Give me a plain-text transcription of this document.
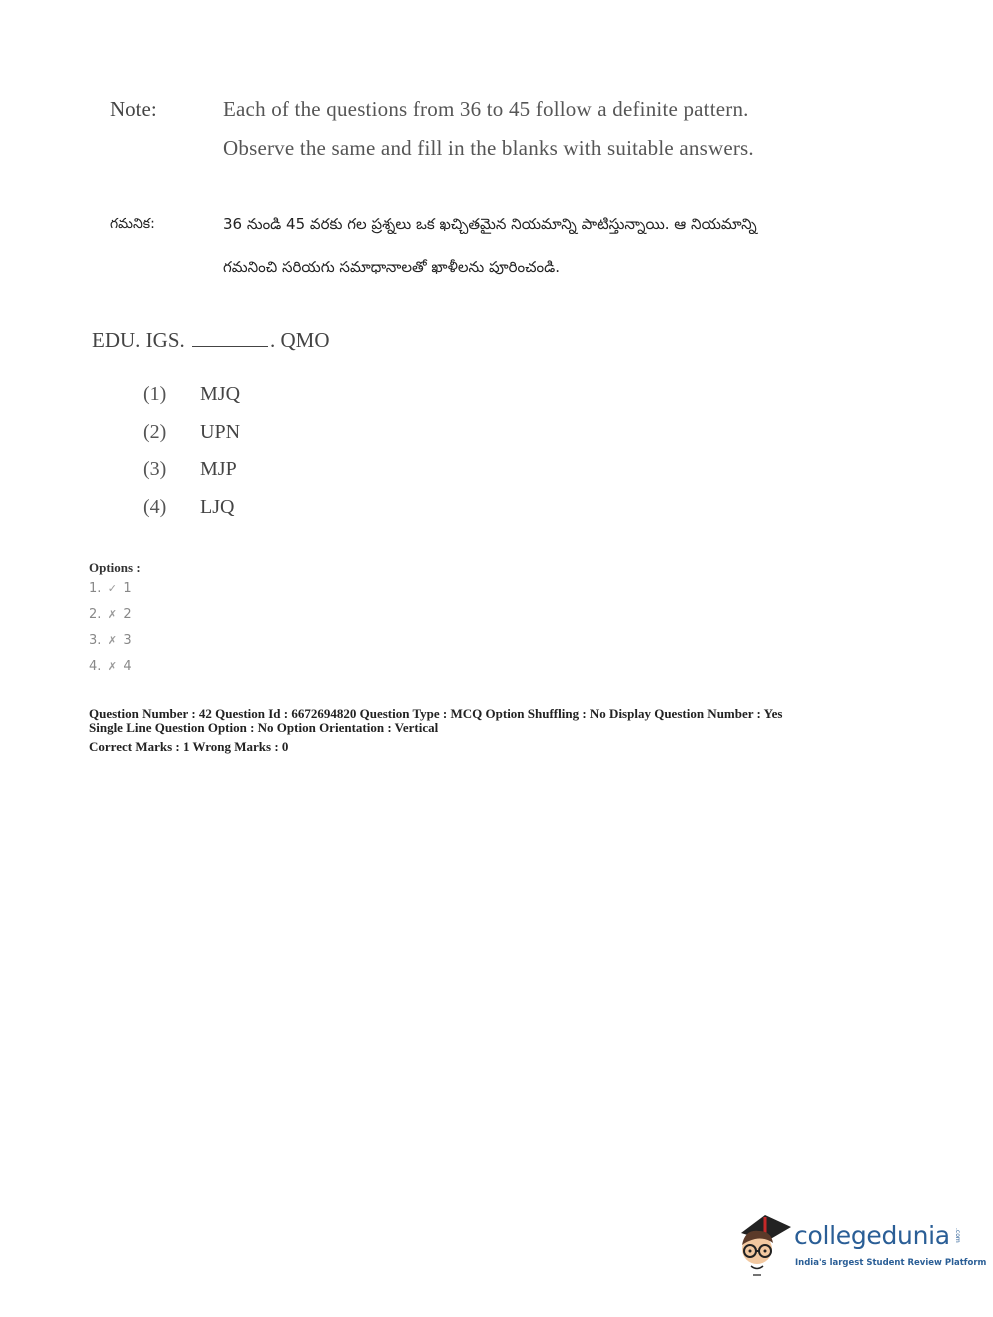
Note:	Each of the questions from 36 to 45 follow a definite pattern.
Observe the same and fill in the blanks with suitable answers.
గమనిక:	36 నుండి 45 వరకు గల ప్రశ్నలు ఒక ఖచ్చితమైన నియమాన్ని పాటిస్తున్నాయి. ఆ నియమాన్ని
గమనించి సరియగు సమాధానాలతో ఖాళీలను పూరించండి.
EDU. IGS.	. QMO
(1) MJQ
(2) UPN
(3) MJP
(4) LJQ
Options :
1. ✓ 1
2. ✗ 2
3. ✗ 3
4. ✗ 4
Question Number : 42 Question Id : 6672694820 Question Type : MCQ Option Shuffling : No Display Question Number : Yes
Single Line Question Option : No Option Orientation : Vertical
Correct Marks : 1 Wrong Marks : 0
collegedunia .com
India's largest Student Review Platform
